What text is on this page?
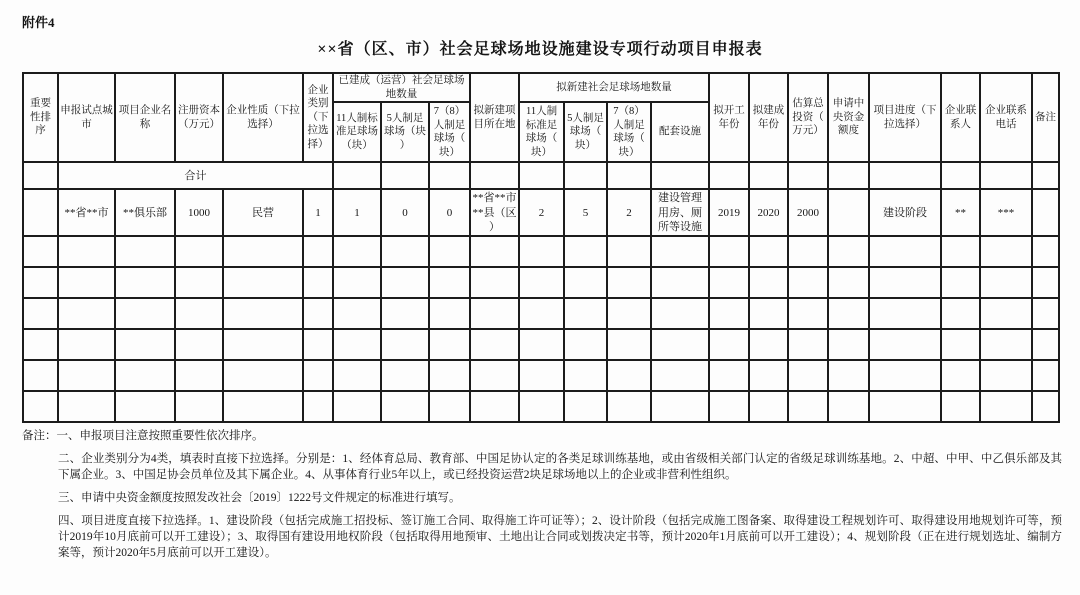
附件4
××省（区、市）社会足球场地设施建设专项行动项目申报表
重要性排序	申报试点城市	项目企业名称	注册资本（万元）	企业性质（下拉选择）	企业类别（下拉选择）	已建成（运营）社会足球场地数量			拟新建项目所在地	拟新建社会足球场地数量				拟开工年份	拟建成年份	估算总投资（万元）	申请中央资金额度	项目进度（下拉选择）	企业联系人	企业联系电话	备注
						11人制标准足球场（块）	5人制足球场（块）	7（8）人制足球场（块）		11人制标准足球场（块）	5人制足球场（块）	7（8）人制足球场（块）	配套设施								
	合计																				
	**省**市	**俱乐部	1000	民营	1	1	0	0	**省**市**县（区）	2	5	2	建设管理用房、厕所等设施	2019	2020	2000		建设阶段	**	***	

备注：一、申报项目注意按照重要性依次排序。

二、企业类别分为4类，填表时直接下拉选择。分别是：1、经体育总局、教育部、中国足协认定的各类足球训练基地，或由省级相关部门认定的省级足球训练基地。2、中超、中甲、中乙俱乐部及其下属企业。3、中国足协会员单位及其下属企业。4、从事体育行业5年以上，或已经投资运营2块足球场地以上的企业或非营利性组织。

三、申请中央资金额度按照发改社会〔2019〕1222号文件规定的标准进行填写。

四、项目进度直接下拉选择。1、建设阶段（包括完成施工招投标、签订施工合同、取得施工许可证等）；2、设计阶段（包括完成施工图备案、取得建设工程规划许可、取得建设用地规划许可等，预计2019年10月底前可以开工建设）；3、取得国有建设用地权阶段（包括取得用地预审、土地出让合同或划拨决定书等，预计2020年1月底前可以开工建设）；4、规划阶段（正在进行规划选址、编制方案等，预计2020年5月底前可以开工建设）。
